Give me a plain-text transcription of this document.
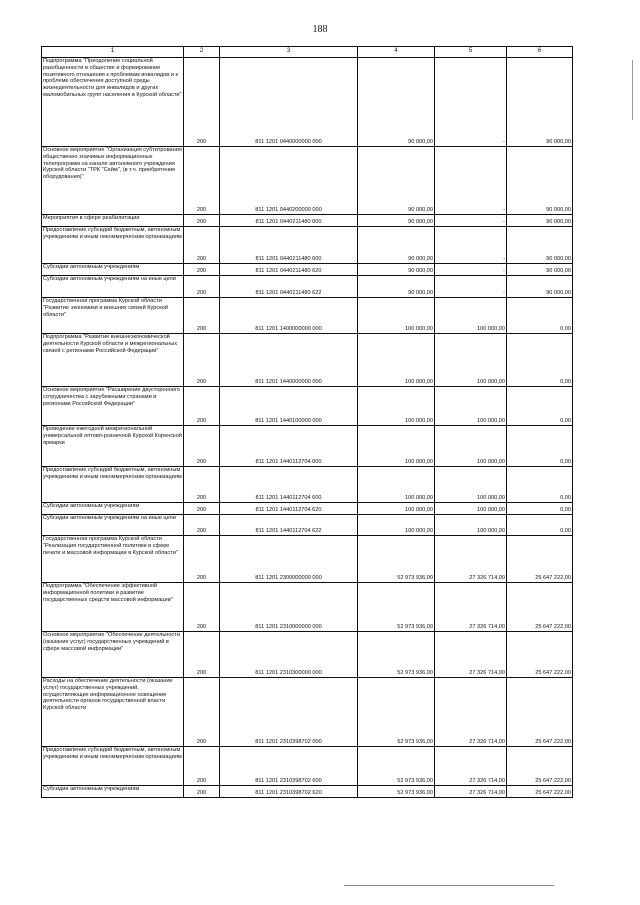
188
1	2	3	4	5	6
Подпрограмма "Преодоление социальной разобщенности в обществе и формирование позитивного отношения к проблемам инвалидов и к проблеме обеспечения доступной среды жизнедеятельности для инвалидов и других маломобильных групп населения в Курской области"	200	811 1201 0440000000 000	90 000,00	-	90 000,00
Основное мероприятие "Организация субтитрования общественно значимых информационных телепрограмм на канале автономного учреждения Курской области "ТРК "Сейм", (в т.ч. приобретение оборудования)"	200	811 1201 0440200000 000	90 000,00	-	90 000,00
Мероприятия в сфере реабилитации	200	811 1201 0440211480 000	90 000,00	-	90 000,00
Предоставление субсидий бюджетным, автономным учреждениям и иным некоммерческим организациям	200	811 1201 0440211480 600	90 000,00	-	90 000,00
Субсидии автономным учреждениям	200	811 1201 0440211480 620	90 000,00	-	90 000,00
Субсидии автономным учреждениям на иные цели	200	811 1201 0440211480 622	90 000,00	-	90 000,00
Государственная программа Курской области "Развитие экономики и внешних связей Курской области"	200	811 1201 1400000000 000	100 000,00	100 000,00	0,00
Подпрограмма "Развитие внешнеэкономической деятельности Курской области и межрегиональных связей с регионами Российской Федерации"	200	811 1201 1440000000 000	100 000,00	100 000,00	0,00
Основное мероприятие "Расширение двустороннего сотрудничества с зарубежными странами и регионами Российской Федерации"	200	811 1201 1440100000 000	100 000,00	100 000,00	0,00
Проведение ежегодной межрегиональной универсальной оптово-розничной Курской Коренской ярмарки	200	811 1201 1440112704 000	100 000,00	100 000,00	0,00
Предоставление субсидий бюджетным, автономным учреждениям и иным некоммерческим организациям	200	811 1201 1440112704 600	100 000,00	100 000,00	0,00
Субсидии автономным учреждениям	200	811 1201 1440112704 620	100 000,00	100 000,00	0,00
Субсидии автономным учреждениям на иные цели	200	811 1201 1440112704 622	100 000,00	100 000,00	0,00
Государственная программа Курской области "Реализация государственной политики в сфере печати и массовой информации в Курской области"	200	811 1201 2300000000 000	52 973 936,00	27 326 714,00	25 647 222,00
Подпрограмма "Обеспечение эффективной информационной политики и развитие государственных средств массовой информации"	200	811 1201 2310000000 000	52 973 936,00	27 326 714,00	25 647 222,00
Основное мероприятие "Обеспечение деятельности (оказание услуг) государственных учреждений в сфере массовой информации"	200	811 1201 2310300000 000	52 973 936,00	27 326 714,00	25 647 222,00
Расходы на обеспечение деятельности (оказание услуг) государственных учреждений, осуществляющих информационное освещение деятельности органов государственной власти Курской области	200	811 1201 2310398702 000	52 973 936,00	27 326 714,00	25 647 222,00
Предоставление субсидий бюджетным, автономным учреждениям и иным некоммерческим организациям	200	811 1201 2310398702 600	52 973 936,00	27 326 714,00	25 647 222,00
Субсидии автономным учреждениям	200	811 1201 2310398702 620	52 973 936,00	27 326 714,00	25 647 222,00
